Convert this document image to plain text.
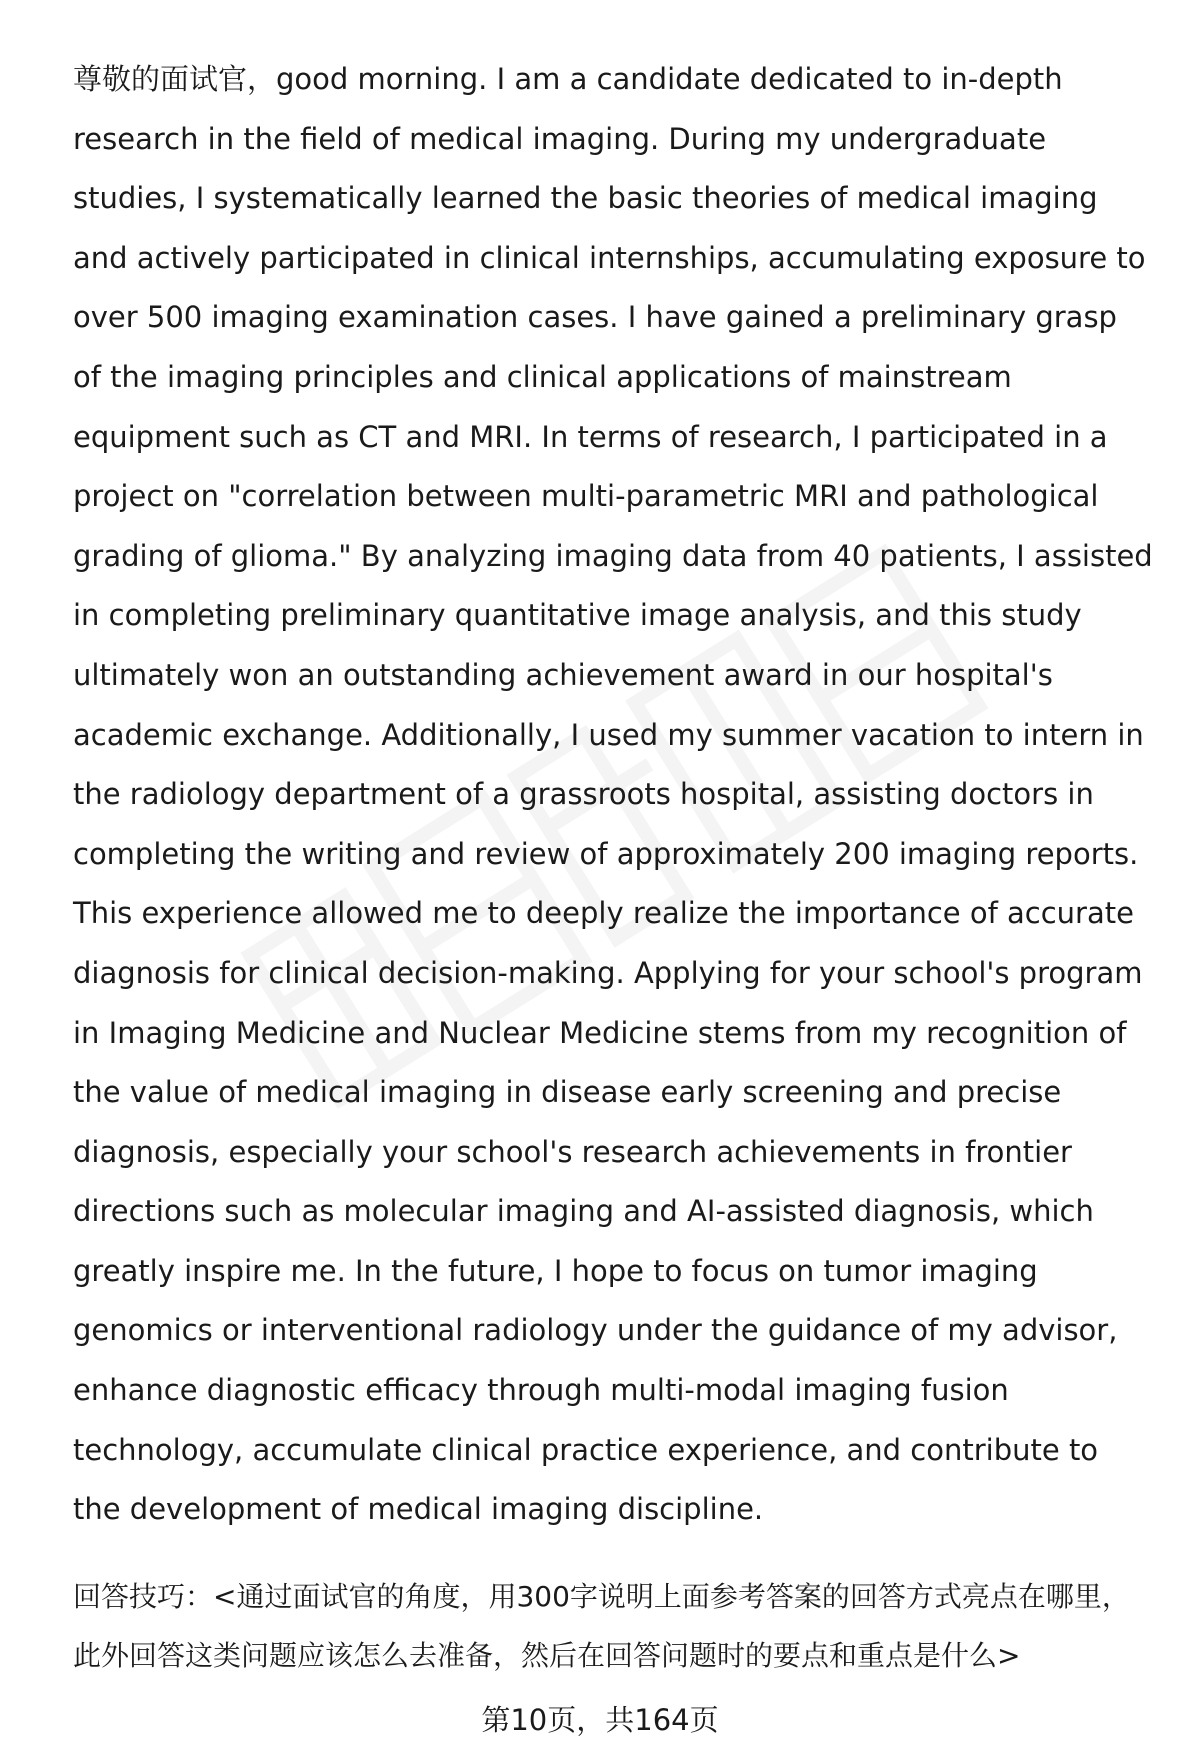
尊敬的面试官，good morning. I am a candidate dedicated to in-depth research in the field of medical imaging. During my undergraduate studies, I systematically learned the basic theories of medical imaging and actively participated in clinical internships, accumulating exposure to over 500 imaging examination cases. I have gained a preliminary grasp of the imaging principles and clinical applications of mainstream equipment such as CT and MRI. In terms of research, I participated in a project on "correlation between multi-parametric MRI and pathological grading of glioma." By analyzing imaging data from 40 patients, I assisted in completing preliminary quantitative image analysis, and this study ultimately won an outstanding achievement award in our hospital's academic exchange. Additionally, I used my summer vacation to intern in the radiology department of a grassroots hospital, assisting doctors in completing the writing and review of approximately 200 imaging reports. This experience allowed me to deeply realize the importance of accurate diagnosis for clinical decision-making. Applying for your school's program in Imaging Medicine and Nuclear Medicine stems from my recognition of the value of medical imaging in disease early screening and precise diagnosis, especially your school's research achievements in frontier directions such as molecular imaging and AI-assisted diagnosis, which greatly inspire me. In the future, I hope to focus on tumor imaging genomics or interventional radiology under the guidance of my advisor, enhance diagnostic efficacy through multi-modal imaging fusion technology, accumulate clinical practice experience, and contribute to the development of medical imaging discipline.

回答技巧：<通过面试官的角度，用300字说明上面参考答案的回答方式亮点在哪里，此外回答这类问题应该怎么去准备，然后在回答问题时的要点和重点是什么>

第10页，共164页
